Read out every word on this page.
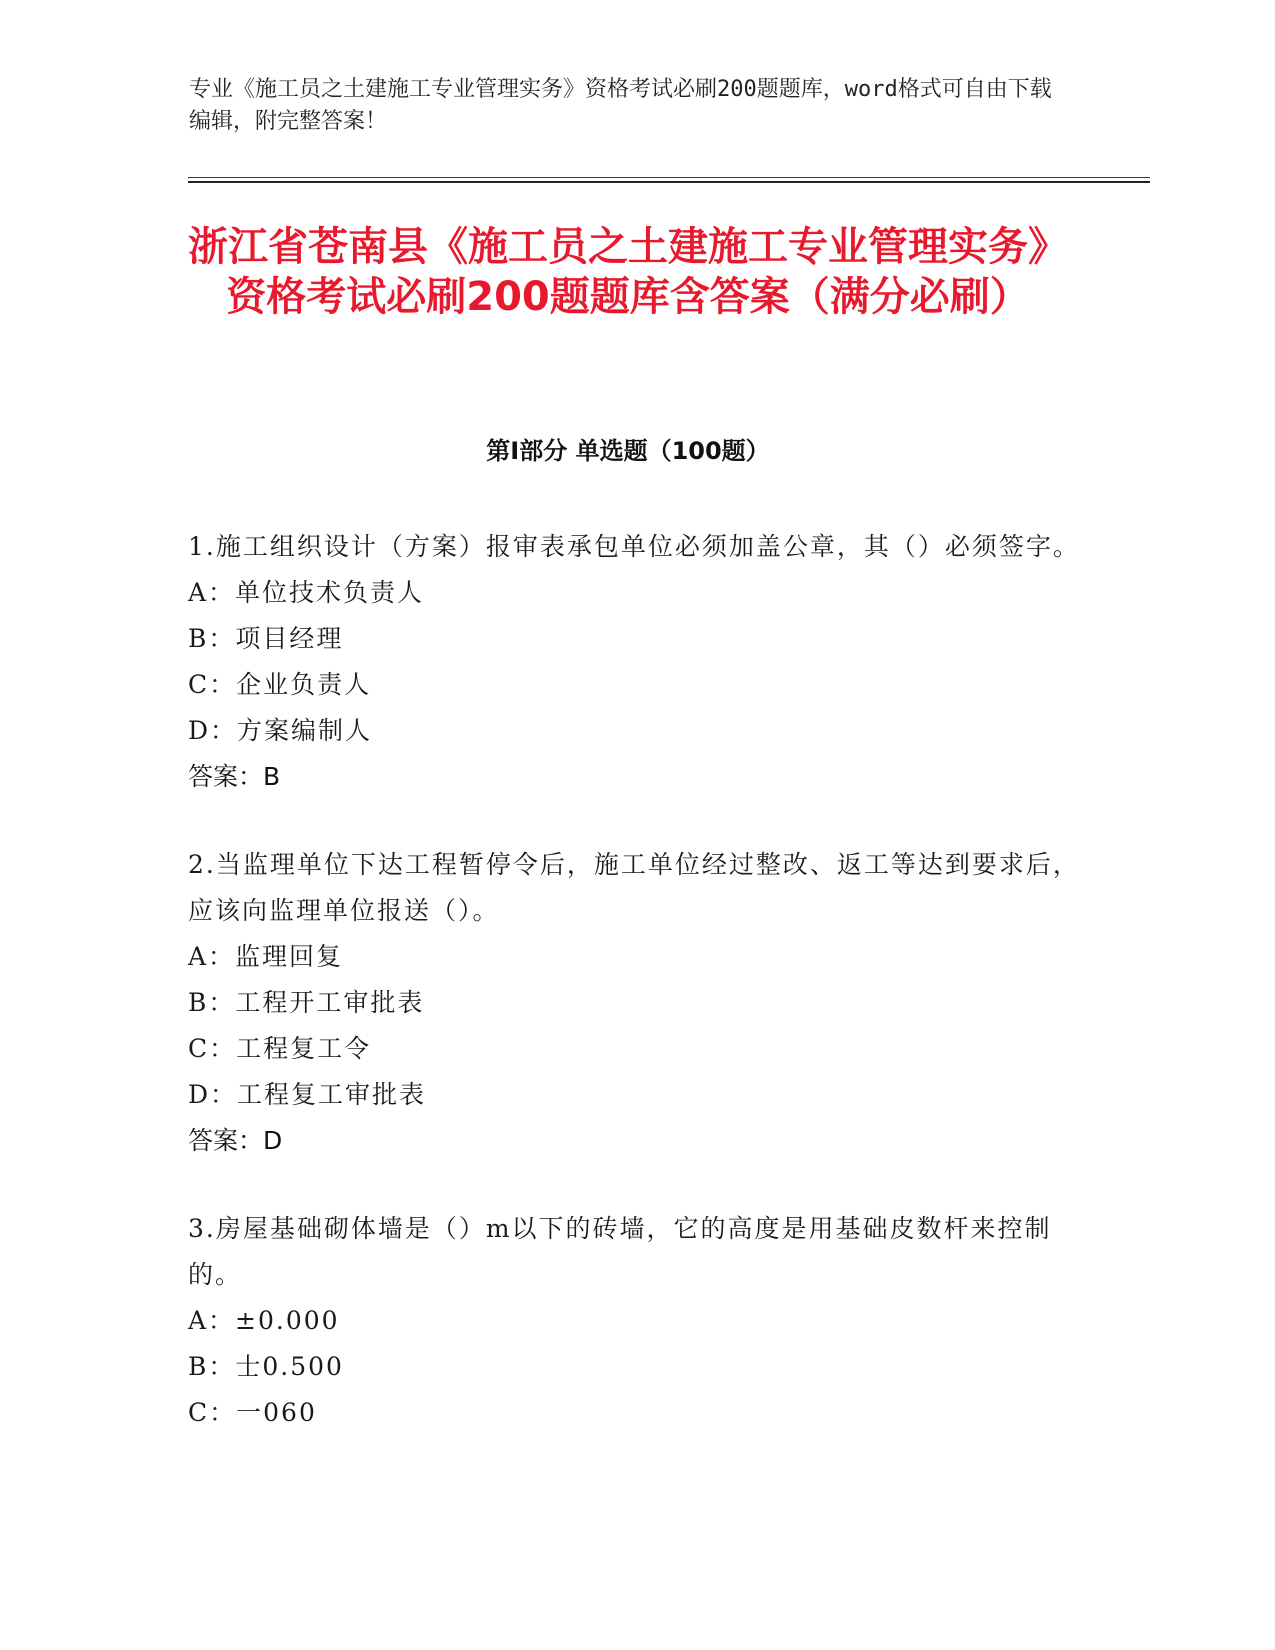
专业《施工员之土建施工专业管理实务》资格考试必刷200题题库，word格式可自由下载编辑，附完整答案！
浙江省苍南县《施工员之土建施工专业管理实务》资格考试必刷200题题库含答案（满分必刷）
第Ⅰ部分 单选题（100题）

1.施工组织设计（方案）报审表承包单位必须加盖公章，其（）必须签字。

A：单位技术负责人

B：项目经理

C：企业负责人

D：方案编制人

答案：B

2.当监理单位下达工程暂停令后，施工单位经过整改、返工等达到要求后，应该向监理单位报送（）。

A：监理回复

B：工程开工审批表

C：工程复工令

D：工程复工审批表

答案：D

3.房屋基础砌体墙是（）m以下的砖墙，它的高度是用基础皮数杆来控制的。

A：±0.000

B：士0.500

C：一060
